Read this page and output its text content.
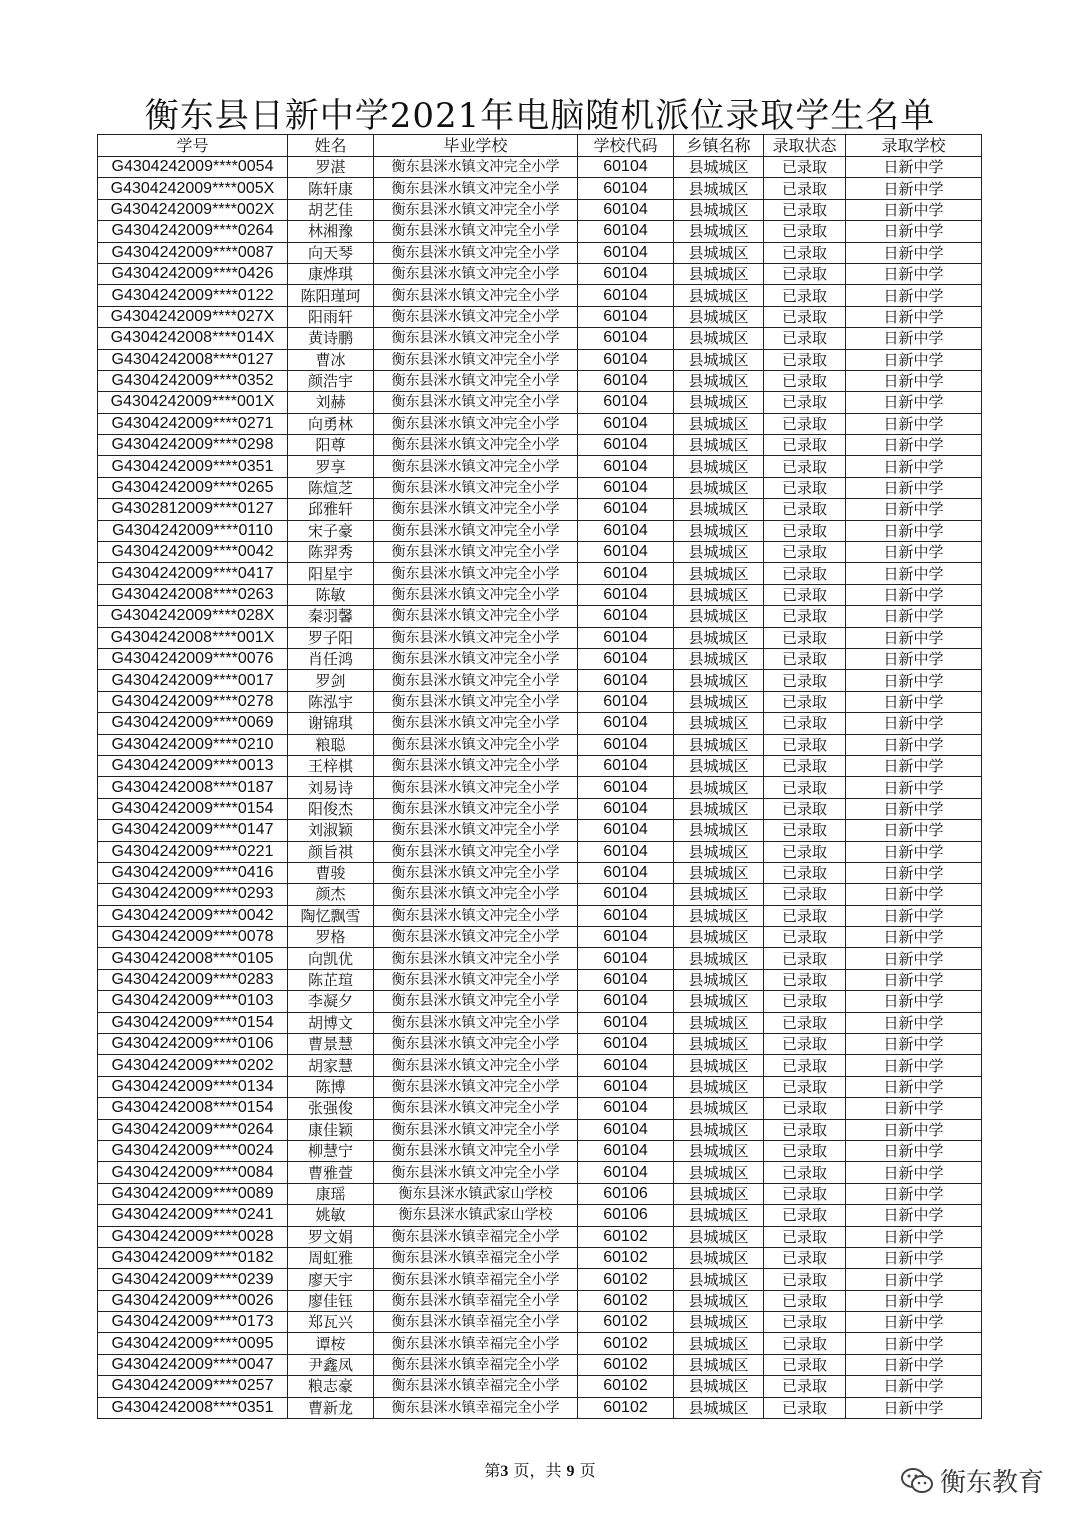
衡东县日新中学2021年电脑随机派位录取学生名单
学号	姓名	毕业学校	学校代码	乡镇名称	录取状态	录取学校
G4304242009****0054	罗湛	衡东县洣水镇文冲完全小学	60104	县城城区	已录取	日新中学
G4304242009****005X	陈轩康	衡东县洣水镇文冲完全小学	60104	县城城区	已录取	日新中学
G4304242009****002X	胡艺佳	衡东县洣水镇文冲完全小学	60104	县城城区	已录取	日新中学
G4304242009****0264	林湘豫	衡东县洣水镇文冲完全小学	60104	县城城区	已录取	日新中学
G4304242009****0087	向天琴	衡东县洣水镇文冲完全小学	60104	县城城区	已录取	日新中学
G4304242009****0426	康烨琪	衡东县洣水镇文冲完全小学	60104	县城城区	已录取	日新中学
G4304242009****0122	陈阳瑾珂	衡东县洣水镇文冲完全小学	60104	县城城区	已录取	日新中学
G4304242009****027X	阳雨轩	衡东县洣水镇文冲完全小学	60104	县城城区	已录取	日新中学
G4304242008****014X	黄诗鹏	衡东县洣水镇文冲完全小学	60104	县城城区	已录取	日新中学
G4304242008****0127	曹冰	衡东县洣水镇文冲完全小学	60104	县城城区	已录取	日新中学
G4304242009****0352	颜浩宇	衡东县洣水镇文冲完全小学	60104	县城城区	已录取	日新中学
G4304242009****001X	刘赫	衡东县洣水镇文冲完全小学	60104	县城城区	已录取	日新中学
G4304242009****0271	向勇林	衡东县洣水镇文冲完全小学	60104	县城城区	已录取	日新中学
G4304242009****0298	阳尊	衡东县洣水镇文冲完全小学	60104	县城城区	已录取	日新中学
G4304242009****0351	罗享	衡东县洣水镇文冲完全小学	60104	县城城区	已录取	日新中学
G4304242009****0265	陈煊芝	衡东县洣水镇文冲完全小学	60104	县城城区	已录取	日新中学
G4302812009****0127	邱雅轩	衡东县洣水镇文冲完全小学	60104	县城城区	已录取	日新中学
G4304242009****0110	宋子豪	衡东县洣水镇文冲完全小学	60104	县城城区	已录取	日新中学
G4304242009****0042	陈羿秀	衡东县洣水镇文冲完全小学	60104	县城城区	已录取	日新中学
G4304242009****0417	阳星宇	衡东县洣水镇文冲完全小学	60104	县城城区	已录取	日新中学
G4304242008****0263	陈敏	衡东县洣水镇文冲完全小学	60104	县城城区	已录取	日新中学
G4304242009****028X	秦羽馨	衡东县洣水镇文冲完全小学	60104	县城城区	已录取	日新中学
G4304242008****001X	罗子阳	衡东县洣水镇文冲完全小学	60104	县城城区	已录取	日新中学
G4304242009****0076	肖任鸿	衡东县洣水镇文冲完全小学	60104	县城城区	已录取	日新中学
G4304242009****0017	罗剑	衡东县洣水镇文冲完全小学	60104	县城城区	已录取	日新中学
G4304242009****0278	陈泓宇	衡东县洣水镇文冲完全小学	60104	县城城区	已录取	日新中学
G4304242009****0069	谢锦琪	衡东县洣水镇文冲完全小学	60104	县城城区	已录取	日新中学
G4304242009****0210	粮聪	衡东县洣水镇文冲完全小学	60104	县城城区	已录取	日新中学
G4304242009****0013	王梓棋	衡东县洣水镇文冲完全小学	60104	县城城区	已录取	日新中学
G4304242008****0187	刘易诗	衡东县洣水镇文冲完全小学	60104	县城城区	已录取	日新中学
G4304242009****0154	阳俊杰	衡东县洣水镇文冲完全小学	60104	县城城区	已录取	日新中学
G4304242009****0147	刘淑颖	衡东县洣水镇文冲完全小学	60104	县城城区	已录取	日新中学
G4304242009****0221	颜旨祺	衡东县洣水镇文冲完全小学	60104	县城城区	已录取	日新中学
G4304242009****0416	曹骏	衡东县洣水镇文冲完全小学	60104	县城城区	已录取	日新中学
G4304242009****0293	颜杰	衡东县洣水镇文冲完全小学	60104	县城城区	已录取	日新中学
G4304242009****0042	陶忆飘雪	衡东县洣水镇文冲完全小学	60104	县城城区	已录取	日新中学
G4304242009****0078	罗格	衡东县洣水镇文冲完全小学	60104	县城城区	已录取	日新中学
G4304242008****0105	向凯优	衡东县洣水镇文冲完全小学	60104	县城城区	已录取	日新中学
G4304242009****0283	陈芷瑄	衡东县洣水镇文冲完全小学	60104	县城城区	已录取	日新中学
G4304242009****0103	李凝夕	衡东县洣水镇文冲完全小学	60104	县城城区	已录取	日新中学
G4304242009****0154	胡博文	衡东县洣水镇文冲完全小学	60104	县城城区	已录取	日新中学
G4304242009****0106	曹景慧	衡东县洣水镇文冲完全小学	60104	县城城区	已录取	日新中学
G4304242009****0202	胡家慧	衡东县洣水镇文冲完全小学	60104	县城城区	已录取	日新中学
G4304242009****0134	陈博	衡东县洣水镇文冲完全小学	60104	县城城区	已录取	日新中学
G4304242008****0154	张强俊	衡东县洣水镇文冲完全小学	60104	县城城区	已录取	日新中学
G4304242009****0264	康佳颖	衡东县洣水镇文冲完全小学	60104	县城城区	已录取	日新中学
G4304242009****0024	柳慧宁	衡东县洣水镇文冲完全小学	60104	县城城区	已录取	日新中学
G4304242009****0084	曹雅萱	衡东县洣水镇文冲完全小学	60104	县城城区	已录取	日新中学
G4304242009****0089	康瑶	衡东县洣水镇武家山学校	60106	县城城区	已录取	日新中学
G4304242009****0241	姚敏	衡东县洣水镇武家山学校	60106	县城城区	已录取	日新中学
G4304242009****0028	罗文娟	衡东县洣水镇幸福完全小学	60102	县城城区	已录取	日新中学
G4304242009****0182	周虹雅	衡东县洣水镇幸福完全小学	60102	县城城区	已录取	日新中学
G4304242009****0239	廖天宇	衡东县洣水镇幸福完全小学	60102	县城城区	已录取	日新中学
G4304242009****0026	廖佳钰	衡东县洣水镇幸福完全小学	60102	县城城区	已录取	日新中学
G4304242009****0173	郑瓦兴	衡东县洣水镇幸福完全小学	60102	县城城区	已录取	日新中学
G4304242009****0095	谭桉	衡东县洣水镇幸福完全小学	60102	县城城区	已录取	日新中学
G4304242009****0047	尹鑫凤	衡东县洣水镇幸福完全小学	60102	县城城区	已录取	日新中学
G4304242009****0257	粮志豪	衡东县洣水镇幸福完全小学	60102	县城城区	已录取	日新中学
G4304242008****0351	曹新龙	衡东县洣水镇幸福完全小学	60102	县城城区	已录取	日新中学
第3 页，共 9 页	衡东教育
